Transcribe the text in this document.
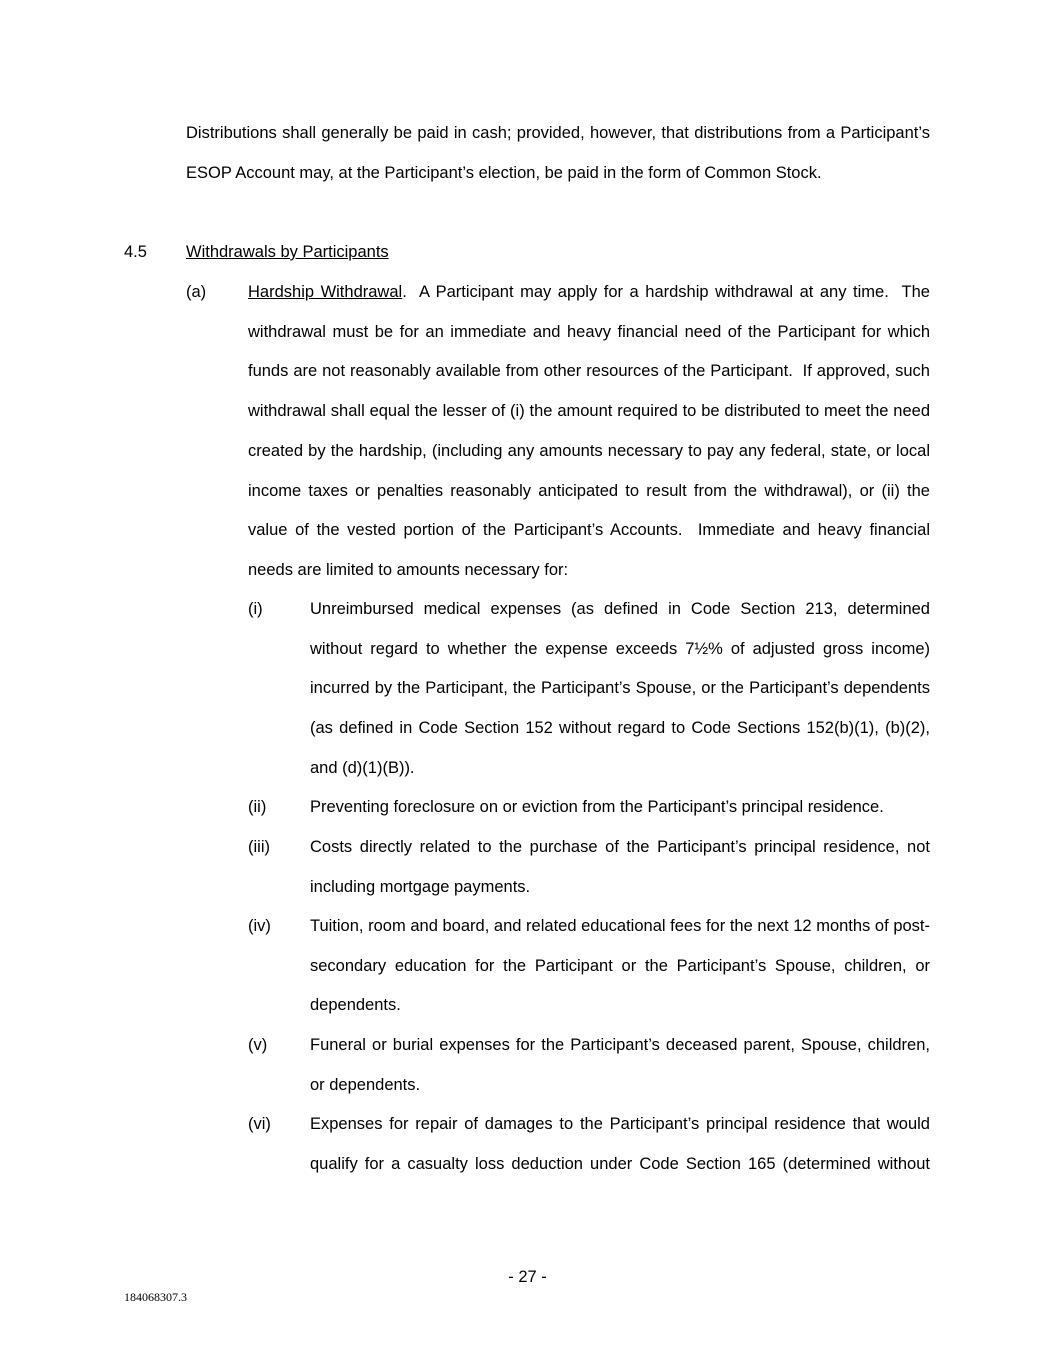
Distributions shall generally be paid in cash; provided, however, that distributions from a Participant’s ESOP Account may, at the Participant’s election, be paid in the form of Common Stock.
4.5 Withdrawals by Participants
(a)	Hardship Withdrawal.  A Participant may apply for a hardship withdrawal at any time.  The withdrawal must be for an immediate and heavy financial need of the Participant for which funds are not reasonably available from other resources of the Participant.  If approved, such withdrawal shall equal the lesser of (i) the amount required to be distributed to meet the need created by the hardship, (including any amounts necessary to pay any federal, state, or local income taxes or penalties reasonably anticipated to result from the withdrawal), or (ii) the value of the vested portion of the Participant’s Accounts.  Immediate and heavy financial needs are limited to amounts necessary for:
(i)	Unreimbursed medical expenses (as defined in Code Section 213, determined without regard to whether the expense exceeds 7½% of adjusted gross income) incurred by the Participant, the Participant’s Spouse, or the Participant’s dependents (as defined in Code Section 152 without regard to Code Sections 152(b)(1), (b)(2), and (d)(1)(B)).
(ii)	Preventing foreclosure on or eviction from the Participant’s principal residence.
(iii) Costs directly related to the purchase of the Participant’s principal residence, not including mortgage payments.
(iv) Tuition, room and board, and related educational fees for the next 12 months of post-secondary education for the Participant or the Participant’s Spouse, children, or dependents.
(v)	Funeral or burial expenses for the Participant’s deceased parent, Spouse, children, or dependents.
(vi) Expenses for repair of damages to the Participant’s principal residence that would
qualify for a casualty loss deduction under Code Section 165 (determined without
- 27 -
184068307.3
